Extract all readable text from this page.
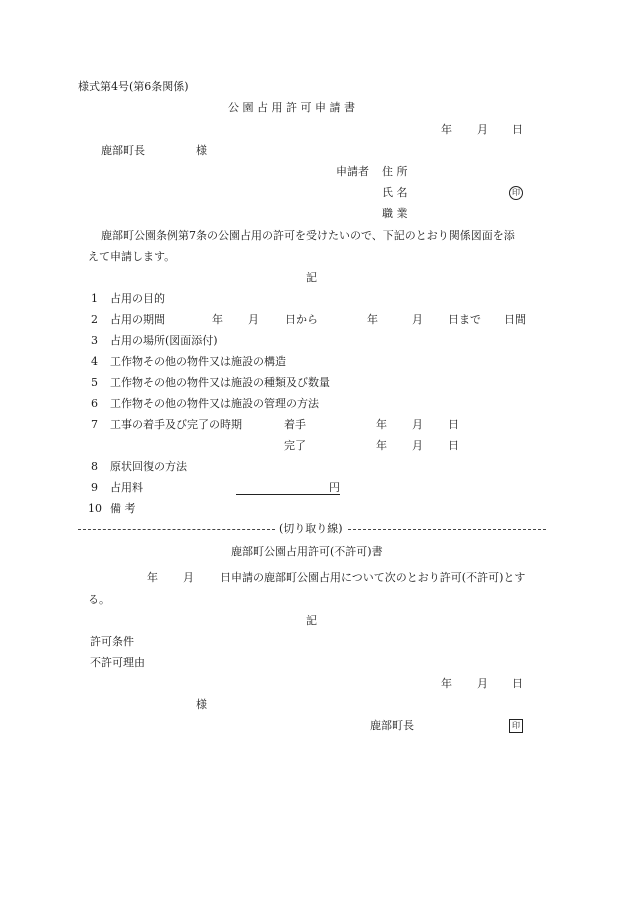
様式第4号(第6条関係)
公 園 占 用 許 可 申 請 書
年 月 日
鹿部町長	様
申請者 住 所
氏 名	印
職 業
鹿部町公園条例第7条の公園占用の許可を受けたいので、下記のとおり関係図面を添
えて申請します。
記
1	占用の目的
2	占用の期間	年 月 日から	年	月 日まで 日間
3	占用の場所(図面添付)
4	工作物その他の物件又は施設の構造
5	工作物その他の物件又は施設の種類及び数量
6	工作物その他の物件又は施設の管理の方法
7	工事の着手及び完了の時期	着手	年 月 日
完了	年 月 日
8	原状回復の方法
9	占用料	円
10 備 考
(切り取り線)
鹿部町公園占用許可(不許可)書
年 月 日申請の鹿部町公園占用について次のとおり許可(不許可)とす
る。
記
許可条件
不許可理由
年 月 日
様
鹿部町長	印
